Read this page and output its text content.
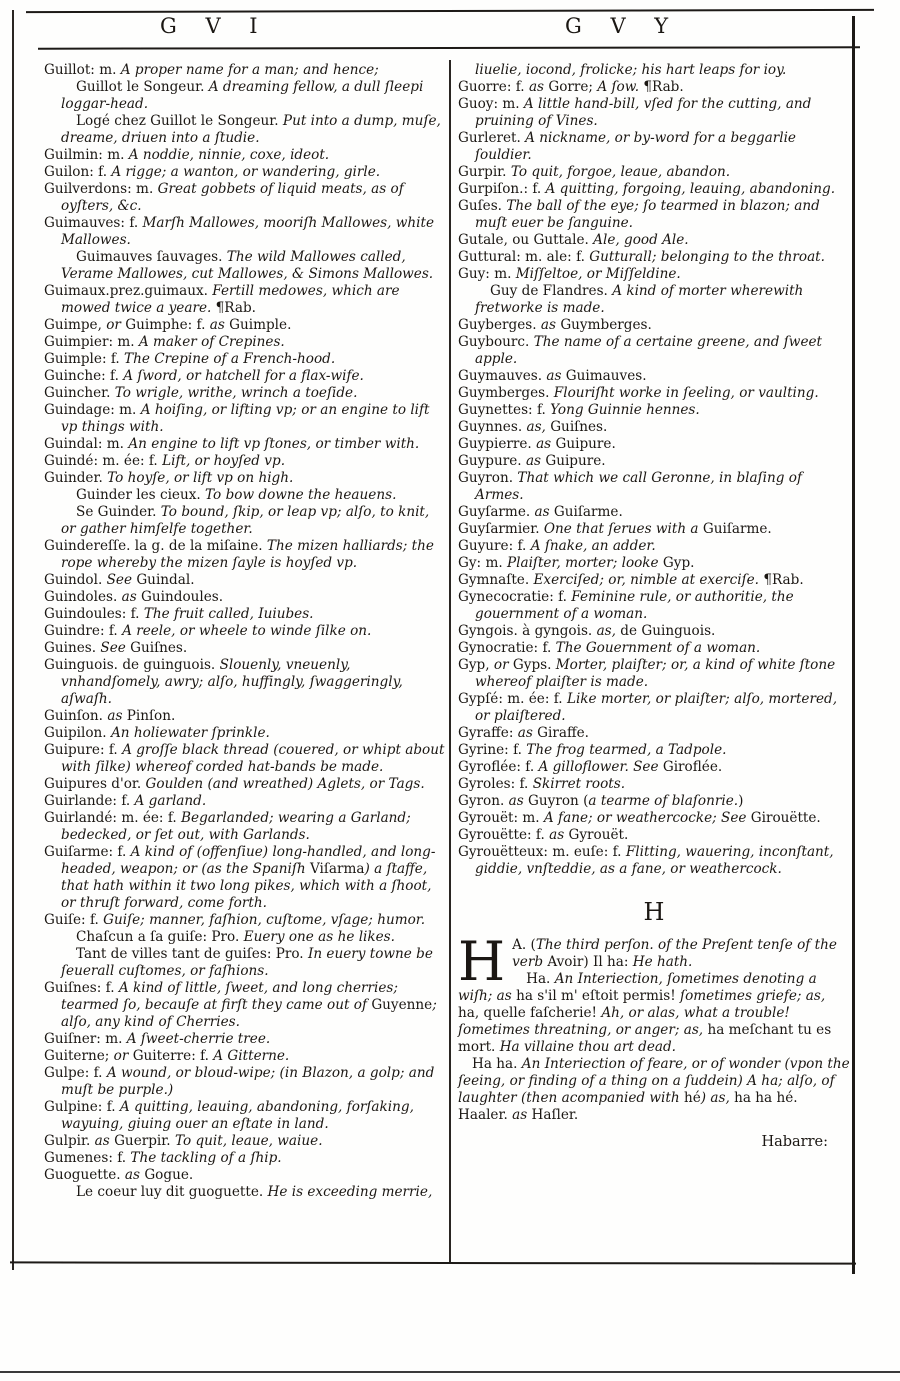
G V I	G V Y

Guillot: m. A proper name for a man; and hence;

Guillot le Songeur. A dreaming fellow, a dull ſleepi loggar-head.

Logé chez Guillot le Songeur. Put into a dump, muſe, dreame, driuen into a ſtudie.

Guilmin: m. A noddie, ninnie, coxe, ideot.

Guilon: f. A rigge; a wanton, or wandering, girle.

Guilverdons: m. Great gobbets of liquid meats, as of oyſters, &c.

Guimauves: f. Marſh Mallowes, mooriſh Mallowes, white Mallowes.

Guimauves ſauvages. The wild Mallowes called, Verame Mallowes, cut Mallowes, & Simons Mallowes.

Guimaux.prez.guimaux. Fertill medowes, which are mowed twice a yeare. ¶Rab.

Guimpe, or Guimphe: f. as Guimple.

Guimpier: m. A maker of Crepines.

Guimple: f. The Crepine of a French-hood.

Guinche: f. A ſword, or hatchell for a flax-wife.

Guincher. To wrigle, writhe, wrinch a toeſide.

Guindage: m. A hoiſing, or lifting vp; or an engine to lift vp things with.

Guindal: m. An engine to lift vp ſtones, or timber with.

Guindé: m. ée: f. Lift, or hoyſed vp.

Guinder. To hoyſe, or lift vp on high.

Guinder les cieux. To bow downe the heauens.

Se Guinder. To bound, ſkip, or leap vp; alſo, to knit, or gather himſelfe together.

Guindereſſe. la g. de la miſaine. The mizen halliards; the rope whereby the mizen ſayle is hoyſed vp.

Guindol. See Guindal.

Guindoles. as Guindoules.

Guindoules: f. The fruit called, Iuiubes.

Guindre: f. A reele, or wheele to winde ſilke on.

Guines. See Guiſnes.

Guinguois. de guinguois. Slouenly, vneuenly, vnhandſomely, awry; alſo, huffingly, ſwaggeringly, aſwaſh.

Guinſon. as Pinſon.

Guipilon. An holiewater ſprinkle.

Guipure: f. A groſſe black thread (couered, or whipt about with ſilke) whereof corded hat-bands be made.

Guipures d'or. Goulden (and wreathed) Aglets, or Tags.

Guirlande: f. A garland.

Guirlandé: m. ée: f. Begarlanded; wearing a Garland; bedecked, or ſet out, with Garlands.

Guiſarme: f. A kind of (offenſiue) long-handled, and long-headed, weapon; or (as the Spaniſh Viſarma) a ſtaffe, that hath within it two long pikes, which with a ſhoot, or thruſt forward, come forth.

Guiſe: f. Guiſe; manner, faſhion, cuſtome, vſage; humor.

Chaſcun a ſa guiſe: Pro. Euery one as he likes.

Tant de villes tant de guiſes: Pro. In euery towne be ſeuerall cuſtomes, or faſhions.

Guiſnes: f. A kind of little, ſweet, and long cherries; tearmed ſo, becauſe at firſt they came out of Guyenne; alſo, any kind of Cherries.

Guiſner: m. A ſweet-cherrie tree.

Guiterne; or Guiterre: f. A Gitterne.

Gulpe: f. A wound, or bloud-wipe; (in Blazon, a golp; and muſt be purple.)

Gulpine: f. A quitting, leauing, abandoning, forſaking, wayuing, giuing ouer an eſtate in land.

Gulpir. as Guerpir. To quit, leaue, waiue.

Gumenes: f. The tackling of a ſhip.

Guoguette. as Gogue.

Le coeur luy dit guoguette. He is exceeding merrie,

liuelie, iocond, frolicke; his hart leaps for ioy.

Guorre: f. as Gorre; A ſow. ¶Rab.

Guoy: m. A little hand-bill, vſed for the cutting, and pruining of Vines.

Gurleret. A nickname, or by-word for a beggarlie ſouldier.

Gurpir. To quit, forgoe, leaue, abandon.

Gurpiſon.: f. A quitting, forgoing, leauing, abandoning.

Guſes. The ball of the eye; ſo tearmed in blazon; and muſt euer be ſanguine.

Gutale, ou Guttale. Ale, good Ale.

Guttural: m. ale: f. Gutturall; belonging to the throat.

Guy: m. Miſſeltoe, or Miſſeldine.

Guy de Flandres. A kind of morter wherewith fretworke is made.

Guyberges. as Guymberges.

Guybourc. The name of a certaine greene, and ſweet apple.

Guymauves. as Guimauves.

Guymberges. Flouriſht worke in ſeeling, or vaulting.

Guynettes: f. Yong Guinnie hennes.

Guynnes. as, Guiſnes.

Guypierre. as Guipure.

Guypure. as Guipure.

Guyron. That which we call Geronne, in blaſing of Armes.

Guyſarme. as Guiſarme.

Guyſarmier. One that ſerues with a Guiſarme.

Guyure: f. A ſnake, an adder.

Gy: m. Plaiſter, morter; looke Gyp.

Gymnaſte. Exerciſed; or, nimble at exerciſe. ¶Rab.

Gynecocratie: f. Feminine rule, or authoritie, the gouernment of a woman.

Gyngois. à gyngois. as, de Guinguois.

Gynocratie: f. The Gouernment of a woman.

Gyp, or Gyps. Morter, plaiſter; or, a kind of white ſtone whereof plaiſter is made.

Gypſé: m. ée: f. Like morter, or plaiſter; alſo, mortered, or plaiſtered.

Gyraffe: as Giraffe.

Gyrine: f. The frog tearmed, a Tadpole.

Gyroflée: f. A gilloflower. See Giroflée.

Gyroles: f. Skirret roots.

Gyron. as Guyron (a tearme of blaſonrie.)

Gyrouët: m. A fane; or weathercocke; See Girouëtte.

Gyrouëtte: f. as Gyrouët.

Gyrouëtteux: m. euſe: f. Flitting, wauering, inconſtant, giddie, vnſteddie, as a fane, or weathercock.

H

H A. (The third perſon. of the Preſent tenſe of the verb Avoir) Il ha: He hath.

Ha. An Interiection, ſometimes denoting a wiſh; as ha s'il m' eſtoit permis! ſometimes griefe; as, ha, quelle faſcherie! Ah, or alas, what a trouble! ſometimes threatning, or anger; as, ha meſchant tu es mort. Ha villaine thou art dead.

Ha ha. An Interiection of feare, or of wonder (vpon the ſeeing, or finding of a thing on a ſuddein) A ha; alſo, of laughter (then acompanied with hé) as, ha ha hé.

Haaler. as Haſler.

Habarre:
